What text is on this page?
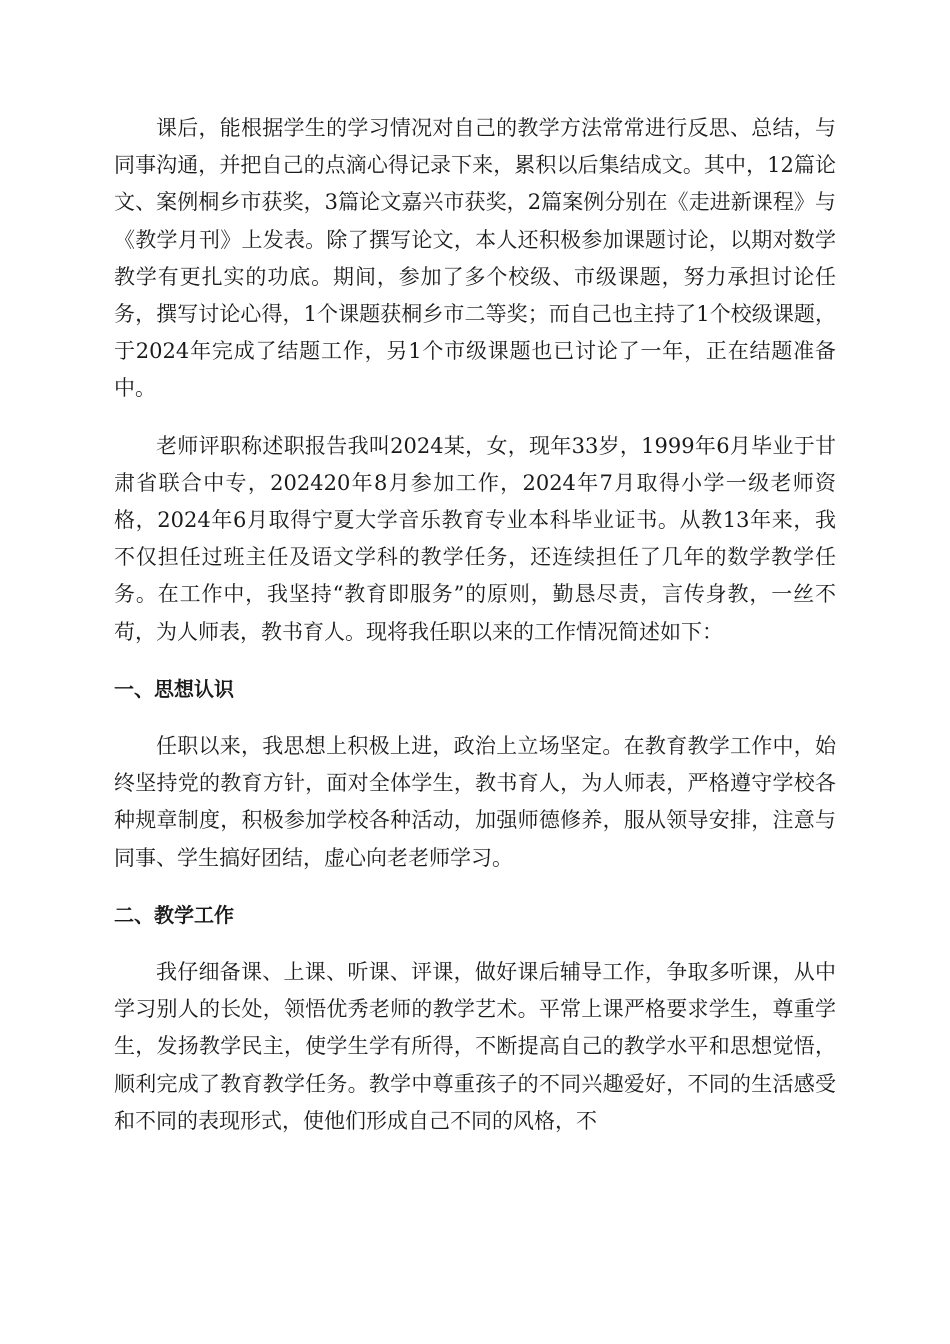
课后，能根据学生的学习情况对自己的教学方法常常进行反思、总结，与同事沟通，并把自己的点滴心得记录下来，累积以后集结成文。其中，12篇论文、案例桐乡市获奖，3篇论文嘉兴市获奖，2篇案例分别在《走进新课程》与《教学月刊》上发表。除了撰写论文，本人还积极参加课题讨论，以期对数学教学有更扎实的功底。期间，参加了多个校级、市级课题，努力承担讨论任务，撰写讨论心得，1个课题获桐乡市二等奖；而自己也主持了1个校级课题，于2024年完成了结题工作，另1个市级课题也已讨论了一年，正在结题准备中。

老师评职称述职报告我叫2024某，女，现年33岁，1999年6月毕业于甘肃省联合中专，202420年8月参加工作，2024年7月取得小学一级老师资格，2024年6月取得宁夏大学音乐教育专业本科毕业证书。从教13年来，我不仅担任过班主任及语文学科的教学任务，还连续担任了几年的数学教学任务。在工作中，我坚持“教育即服务”的原则，勤恳尽责，言传身教，一丝不苟，为人师表，教书育人。现将我任职以来的工作情况简述如下：

一、思想认识

任职以来，我思想上积极上进，政治上立场坚定。在教育教学工作中，始终坚持党的教育方针，面对全体学生，教书育人，为人师表，严格遵守学校各种规章制度，积极参加学校各种活动，加强师德修养，服从领导安排，注意与同事、学生搞好团结，虚心向老老师学习。

二、教学工作

我仔细备课、上课、听课、评课，做好课后辅导工作，争取多听课，从中学习别人的长处，领悟优秀老师的教学艺术。平常上课严格要求学生，尊重学生，发扬教学民主，使学生学有所得，不断提高自己的教学水平和思想觉悟，顺利完成了教育教学任务。教学中尊重孩子的不同兴趣爱好，不同的生活感受和不同的表现形式，使他们形成自己不同的风格，不
